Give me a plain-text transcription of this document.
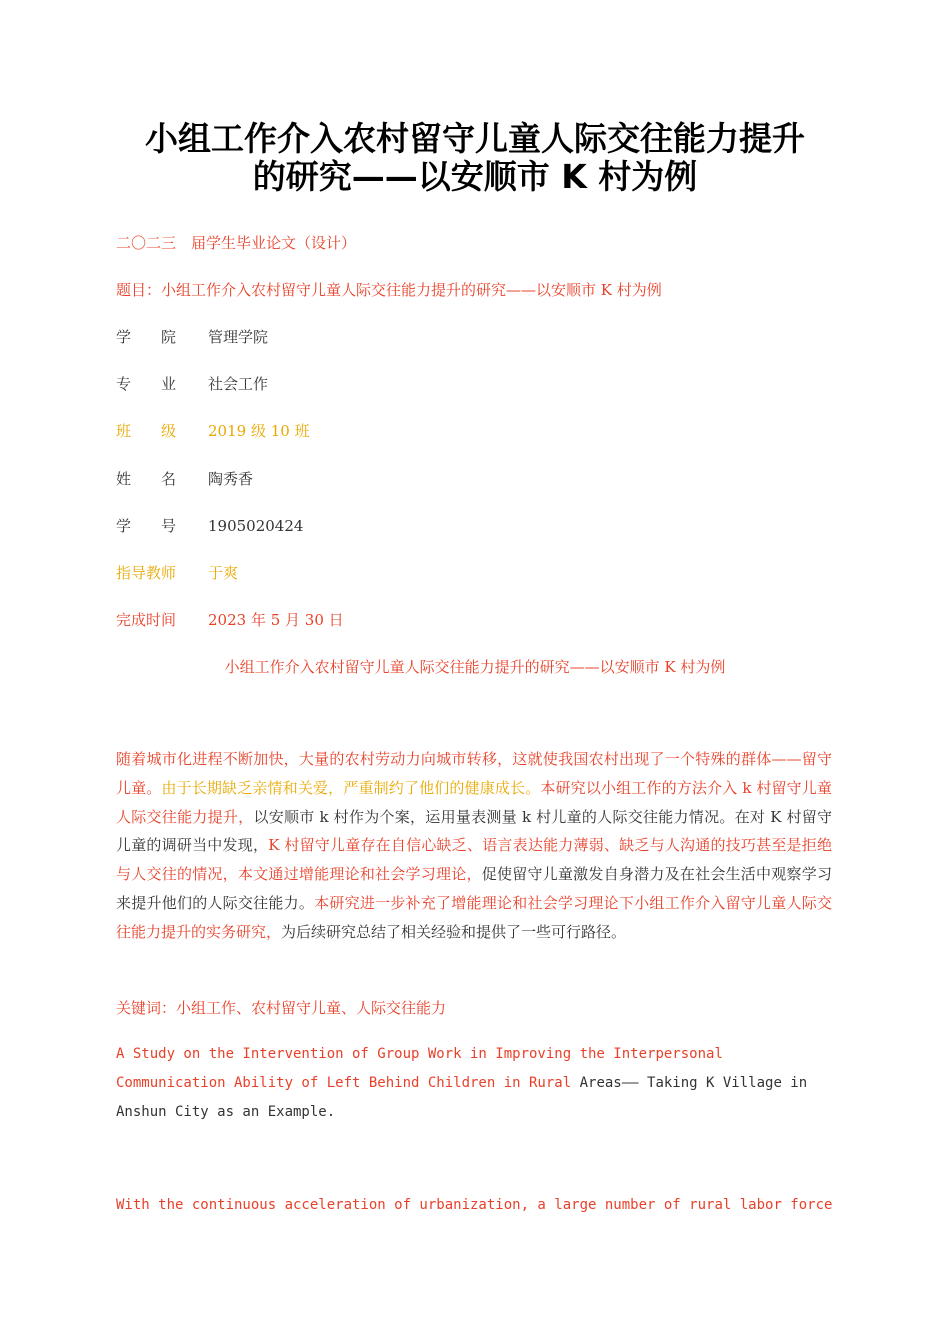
小组工作介入农村留守儿童人际交往能力提升
的研究——以安顺市 K 村为例

二〇二三　届学生毕业论文（设计）

题目：小组工作介入农村留守儿童人际交往能力提升的研究——以安顺市 K 村为例

学　　院 管理学院

专　　业 社会工作

班　　级 2019 级 10 班

姓　　名 陶秀香

学　　号 1905020424

指导教师 于爽

完成时间 2023 年 5 月 30 日

小组工作介入农村留守儿童人际交往能力提升的研究——以安顺市 K 村为例

随着城市化进程不断加快，大量的农村劳动力向城市转移，这就使我国农村出现了一个特殊的群体——留守儿童。由于长期缺乏亲情和关爱，严重制约了他们的健康成长。本研究以小组工作的方法介入 k 村留守儿童人际交往能力提升，以安顺市 k 村作为个案，运用量表测量 k 村儿童的人际交往能力情况。在对 K 村留守儿童的调研当中发现，K 村留守儿童存在自信心缺乏、语言表达能力薄弱、缺乏与人沟通的技巧甚至是拒绝与人交往的情况，本文通过增能理论和社会学习理论，促使留守儿童激发自身潜力及在社会生活中观察学习来提升他们的人际交往能力。本研究进一步补充了增能理论和社会学习理论下小组工作介入留守儿童人际交往能力提升的实务研究，为后续研究总结了相关经验和提供了一些可行路径。

关键词：小组工作、农村留守儿童、人际交往能力

A Study on the Intervention of Group Work in Improving the Interpersonal Communication Ability of Left Behind Children in Rural Areas—— Taking K Village in Anshun City as an Example.

With the continuous acceleration of urbanization, a large number of rural labor force
